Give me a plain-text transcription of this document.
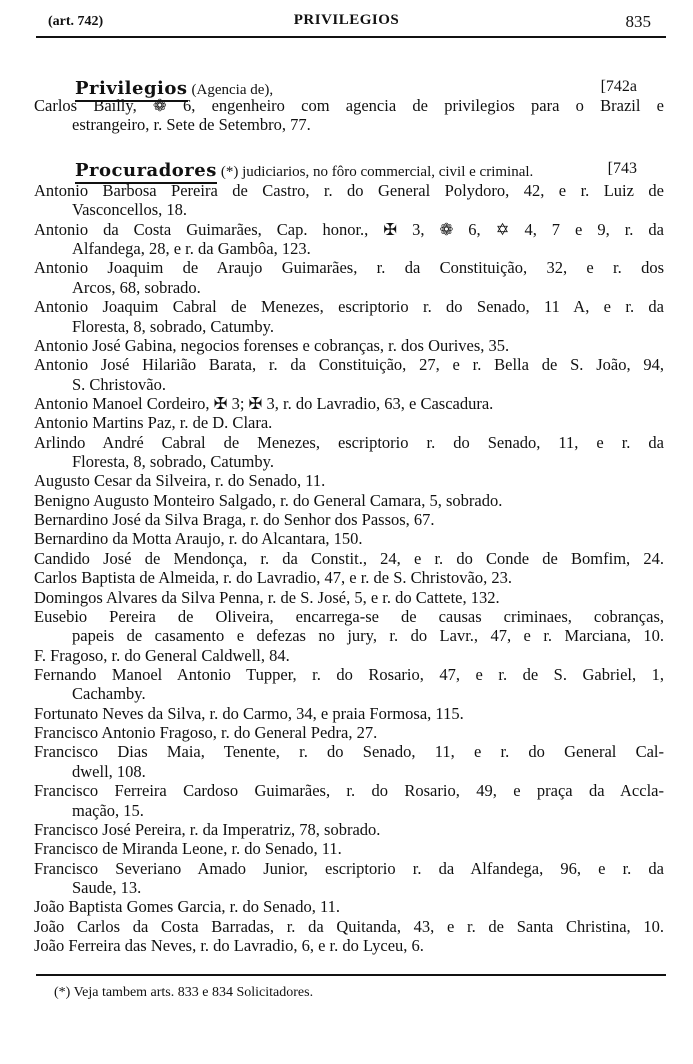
(art. 742)	PRIVILEGIOS	835
Privilegios (Agencia de),	[742a
Carlos Bailly, ❁ 6, engenheiro com agencia de privilegios para o Brazil e
estrangeiro, r. Sete de Setembro, 77.
Procuradores (*) judiciarios, no fôro commercial, civil e criminal.	[743
Antonio Barbosa Pereira de Castro, r. do General Polydoro, 42, e r. Luiz de
Vasconcellos, 18.
Antonio da Costa Guimarães, Cap. honor., ✠ 3, ❁ 6, ✡ 4, 7 e 9, r. da
Alfandega, 28, e r. da Gambôa, 123.
Antonio Joaquim de Araujo Guimarães, r. da Constituição, 32, e r. dos
Arcos, 68, sobrado.
Antonio Joaquim Cabral de Menezes, escriptorio r. do Senado, 11 A, e r. da
Floresta, 8, sobrado, Catumby.
Antonio José Gabina, negocios forenses e cobranças, r. dos Ourives, 35.
Antonio José Hilarião Barata, r. da Constituição, 27, e r. Bella de S. João, 94,
S. Christovão.
Antonio Manoel Cordeiro, ✠ 3; ✠ 3, r. do Lavradio, 63, e Cascadura.
Antonio Martins Paz, r. de D. Clara.
Arlindo André Cabral de Menezes, escriptorio r. do Senado, 11, e r. da
Floresta, 8, sobrado, Catumby.
Augusto Cesar da Silveira, r. do Senado, 11.
Benigno Augusto Monteiro Salgado, r. do General Camara, 5, sobrado.
Bernardino José da Silva Braga, r. do Senhor dos Passos, 67.
Bernardino da Motta Araujo, r. do Alcantara, 150.
Candido José de Mendonça, r. da Constit., 24, e r. do Conde de Bomfim, 24.
Carlos Baptista de Almeida, r. do Lavradio, 47, e r. de S. Christovão, 23.
Domingos Alvares da Silva Penna, r. de S. José, 5, e r. do Cattete, 132.
Eusebio Pereira de Oliveira, encarrega-se de causas criminaes, cobranças,
papeis de casamento e defezas no jury, r. do Lavr., 47, e r. Marciana, 10.
F. Fragoso, r. do General Caldwell, 84.
Fernando Manoel Antonio Tupper, r. do Rosario, 47, e r. de S. Gabriel, 1,
Cachamby.
Fortunato Neves da Silva, r. do Carmo, 34, e praia Formosa, 115.
Francisco Antonio Fragoso, r. do General Pedra, 27.
Francisco Dias Maia, Tenente, r. do Senado, 11, e r. do General Cal-
dwell, 108.
Francisco Ferreira Cardoso Guimarães, r. do Rosario, 49, e praça da Accla-
mação, 15.
Francisco José Pereira, r. da Imperatriz, 78, sobrado.
Francisco de Miranda Leone, r. do Senado, 11.
Francisco Severiano Amado Junior, escriptorio r. da Alfandega, 96, e r. da
Saude, 13.
João Baptista Gomes Garcia, r. do Senado, 11.
João Carlos da Costa Barradas, r. da Quitanda, 43, e r. de Santa Christina, 10.
João Ferreira das Neves, r. do Lavradio, 6, e r. do Lyceu, 6.
(*) Veja tambem arts. 833 e 834 Solicitadores.
